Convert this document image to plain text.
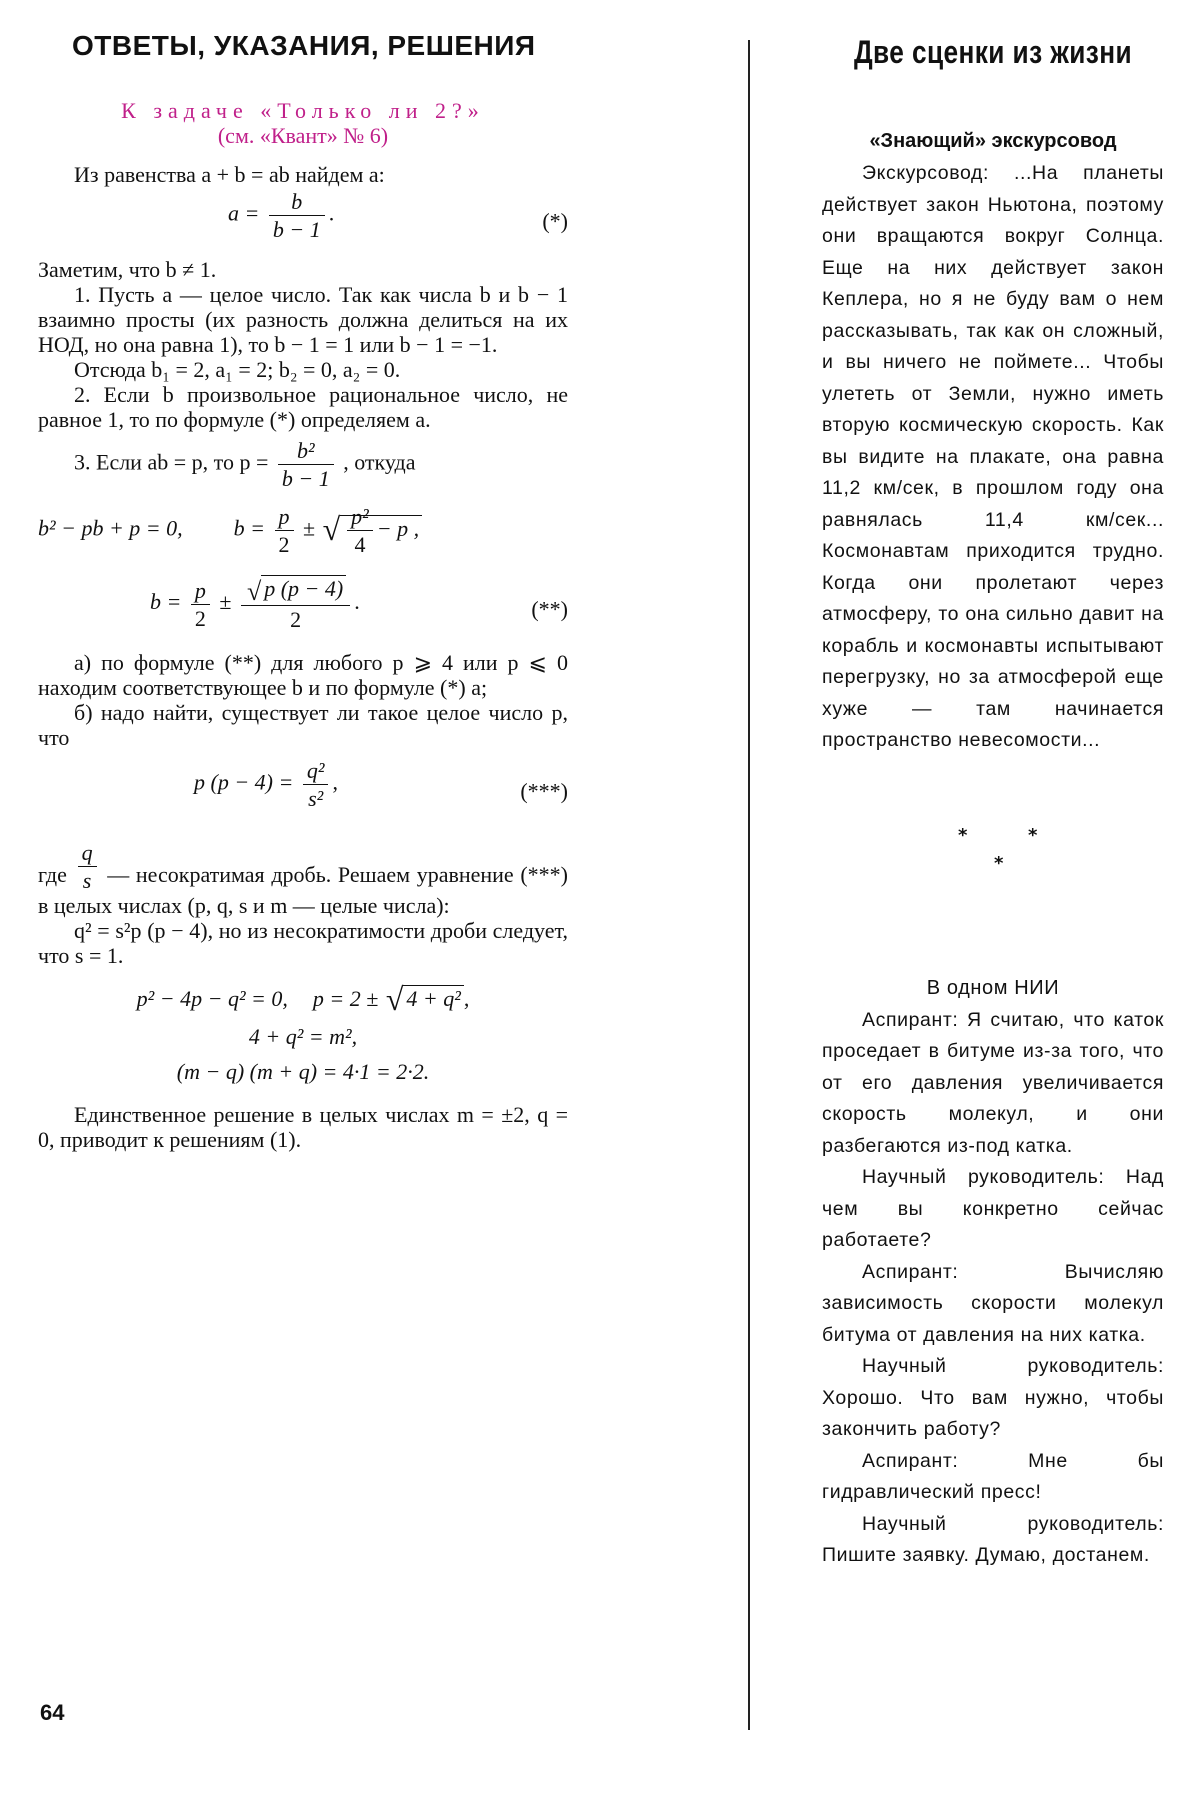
ОТВЕТЫ, УКАЗАНИЯ, РЕШЕНИЯ
К задаче «Только ли 2?»
(см. «Квант» № 6)

Из равенства a + b = ab найдем a:

$a = \frac{b}{b - 1}$ .	(*)

Заметим, что b ≠ 1.

1. Пусть a — целое число. Так как числа b и b − 1 взаимно просты (их разность должна делиться на их НОД, но она равна 1), то b − 1 = 1 или b − 1 = −1.

Отсюда b₁ = 2, a₁ = 2; b₂ = 0, a₂ = 0.

2. Если b произвольное рациональное число, не равное 1, то по формуле (*) определяем a.

3. Если ab = p, то $p = \frac{\text{b²}}{b - 1}$ , откуда
b² − pb + p = 0, $b = \frac{p}{2}$ ± √ $\frac{\text{p²}}{4} - p$ ,
$b = \frac{p}{2} \pm \frac{√ p (p - 4)}{2}$ .	(**)

а) по формуле (**) для любого p ⩾ 4 или p ⩽ 0 находим соответствующее b и по формуле (*) a;

б) надо найти, существует ли такое целое число p, что

p $(p - 4) = \frac{\text{q²}}{\text{s²}}$ ,	(***)

где $\frac{q}{s}$ — несократимая дробь. Решаем уравнение (***) в целых числах (p, q, s и m — целые числа):

q² = s²p (p − 4), но из несократимости дроби следует, что s = 1.

p² − 4p − q² = 0, p = 2 ± √ 4 + q² ,
4 + q² = m²,
(m − q) (m + q) = 4·1 = 2·2.

Единственное решение в целых числах m = ±2, q = 0, приводит к решениям (1).

64
Две сценки из жизни
«Знающий» экскурсовод

Экскурсовод: ...На планеты действует закон Ньютона, поэтому они вращаются вокруг Солнца. Еще на них действует закон Кеплера, но я не буду вам о нем рассказывать, так как он сложный, и вы ничего не поймете... Чтобы улететь от Земли, нужно иметь вторую космическую скорость. Как вы видите на плакате, она равна 11,2 км/сек, в прошлом году она равнялась 11,4 км/сек... Космонавтам приходится трудно. Когда они пролетают через атмосферу, то она сильно давит на корабль и космонавты испытывают перегрузку, но за атмосферой еще хуже — там начинается пространство невесомости...

*	*
*
В одном НИИ

Аспирант: Я считаю, что каток проседает в битуме из-за того, что от его давления увеличивается скорость молекул, и они разбегаются из-под катка.

Научный руководитель: Над чем вы конкретно сейчас работаете?

Аспирант: Вычисляю зависимость скорости молекул битума от давления на них катка.

Научный руководитель: Хорошо. Что вам нужно, чтобы закончить работу?

Аспирант: Мне бы гидравлический пресс!

Научный руководитель: Пишите заявку. Думаю, достанем.
